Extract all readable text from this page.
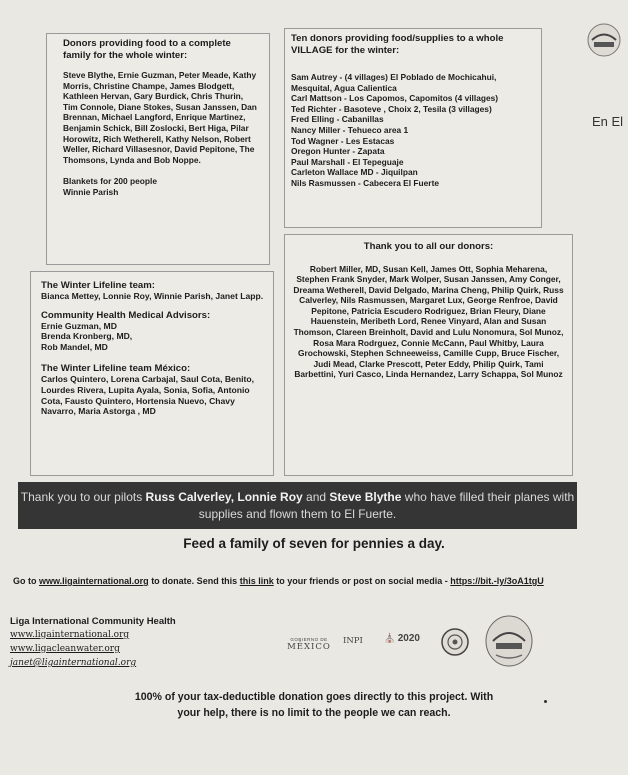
Donors providing food to a complete family for the whole winter:
Steve Blythe, Ernie Guzman, Peter Meade, Kathy Morris, Christine Champe, James Blodgett, Kathleen Hervan, Gary Burdick, Chris Thurin, Tim Connole, Diane Stokes, Susan Janssen, Dan Brennan, Michael Langford, Enrique Martinez, Benjamin Schick, Bill Zoslocki, Bert Higa, Pilar Horowitz, Rich Wetherell, Kathy Nelson, Robert Weller, Richard Villasesnor, David Pepitone, The Thomsons, Lynda and Bob Noppe.
Blankets for 200 people
Winnie Parish
Ten donors providing food/supplies to a whole VILLAGE for the winter:
Sam Autrey - (4 villages) El Poblado de Mochicahui, Mesquital, Agua Calientica
Carl Mattson - Los Capomos, Capomitos (4 villages)
Ted Richter - Basoteve , Choix 2, Tesila (3 villages)
Fred Elling - Cabanillas
Nancy Miller - Tehueco area 1
Tod Wagner - Les Estacas
Oregon Hunter - Zapata
Paul Marshall - El Tepeguaje
Carleton Wallace MD - Jiquilpan
Nils Rasmussen - Cabecera El Fuerte
The Winter Lifeline team:
Bianca Mettey, Lonnie Roy, Winnie Parish, Janet Lapp.
Community Health Medical Advisors:
Ernie Guzman, MD
Brenda Kronberg, MD,
Rob Mandel, MD
The Winter Lifeline team México:
Carlos Quintero, Lorena Carbajal, Saul Cota, Benito, Lourdes Rivera, Lupita Ayala, Sonia, Sofia, Antonio Cota, Fausto Quintero, Hortensia Nuevo, Chavy Navarro, Maria Astorga , MD
Thank you to all our donors:
Robert Miller, MD, Susan Kell, James Ott, Sophia Meharena, Stephen Frank Snyder, Mark Wolper, Susan Janssen, Amy Conger, Dreama Wetherell, David Delgado, Marina Cheng, Philip Quirk, Russ Calverley, Nils Rasmussen, Margaret Lux, George Renfroe, David Pepitone, Patricia Escudero Rodriguez, Brian Fleury, Diane Hauenstein, Meribeth Lord, Renee Vinyard, Alan and Susan Thomson, Clareen Breinholt, David and Lulu Nonomura, Sol Munoz, Rosa Mara Rodrguez, Connie McCann, Paul Whitby, Laura Grochowski, Stephen Schneeweiss, Camille Cupp, Bruce Fischer, Judi Mead, Clarke Prescott, Peter Eddy, Philip Quirk, Tami Barbettini, Yuri Casco, Linda Hernandez, Larry Schappa, Sol Munoz
Thank you to our pilots Russ Calverley, Lonnie Roy and Steve Blythe who have filled their planes with supplies and flown them to El Fuerte.
Feed a family of seven for pennies a day.
Go to www.ligainternational.org to donate. Send this this link to your friends or post on social media - https://bit.-ly/3oA1tgU
Liga International Community Health
www.ligainternational.org
www.ligacleanwater.org
janet@ligainternational.org
GOBIERNO DE
MÉXICO
INPI ⛪ 2020
100% of your tax-deductible donation goes directly to this project. With
your help, there is no limit to the people we can reach.
En El
